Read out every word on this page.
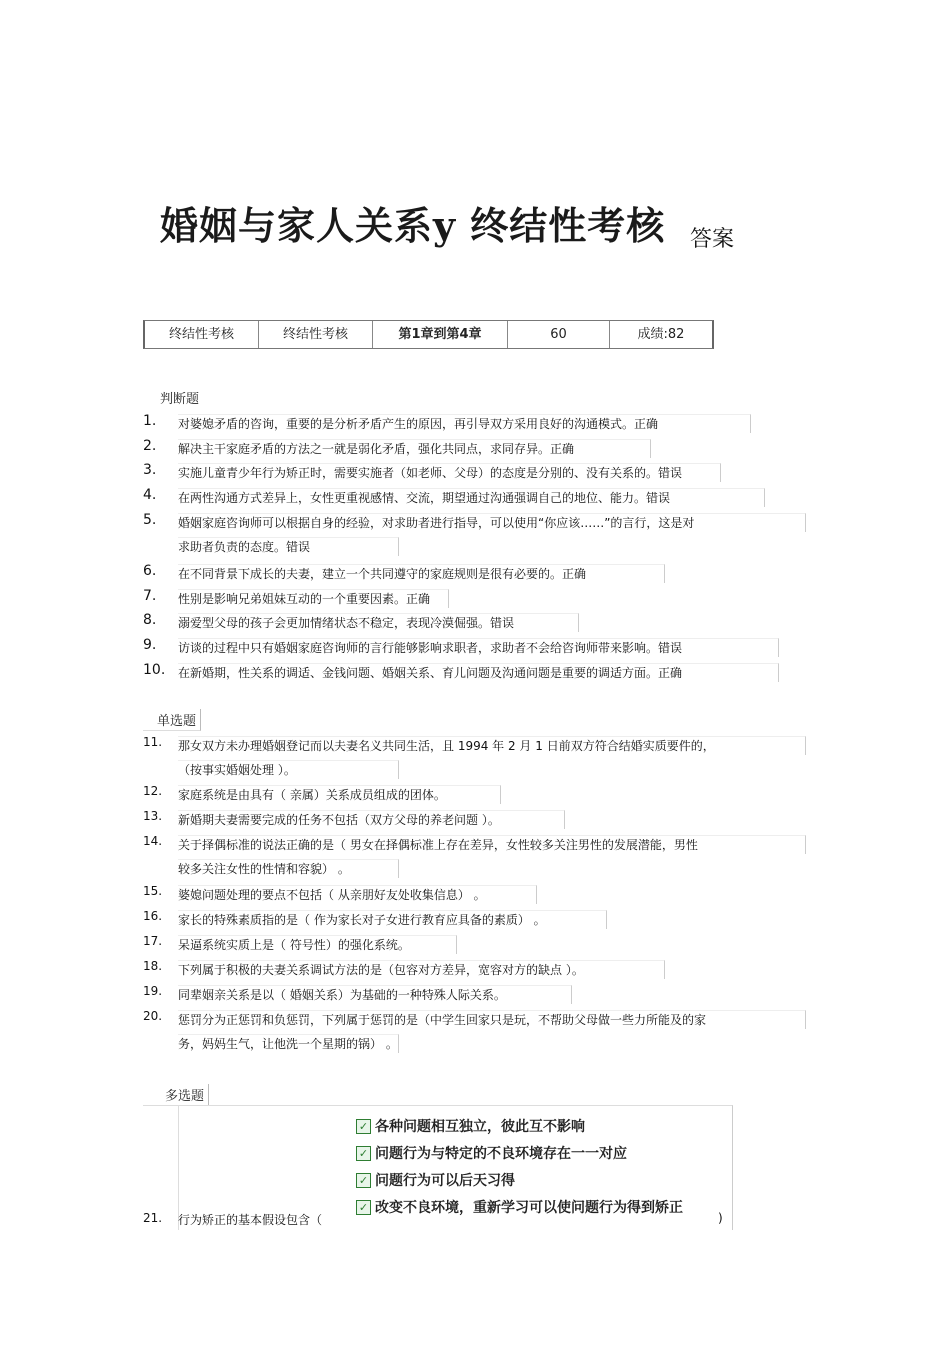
婚姻与家人关系y 终结性考核 答案
终结性考核	终结性考核	第1章到第4章	60	成绩:82
判断题
1.	对婆媳矛盾的咨询，重要的是分析矛盾产生的原因，再引导双方采用良好的沟通模式。正确
2.	解决主干家庭矛盾的方法之一就是弱化矛盾，强化共同点，求同存异。正确
3.	实施儿童青少年行为矫正时，需要实施者（如老师、父母）的态度是分别的、没有关系的。错误
4.	在两性沟通方式差异上，女性更重视感情、交流，期望通过沟通强调自己的地位、能力。错误
5.	婚姻家庭咨询师可以根据自身的经验，对求助者进行指导，可以使用“你应该……”的言行，这是对
求助者负责的态度。错误
6.	在不同背景下成长的夫妻，建立一个共同遵守的家庭规则是很有必要的。正确
7.	性别是影响兄弟姐妹互动的一个重要因素。正确
8.	溺爱型父母的孩子会更加情绪状态不稳定，表现冷漠倔强。错误
9.	访谈的过程中只有婚姻家庭咨询师的言行能够影响求职者，求助者不会给咨询师带来影响。错误
10.	在新婚期，性关系的调适、金钱问题、婚姻关系、育儿问题及沟通问题是重要的调适方面。正确
单选题
11.	那女双方未办理婚姻登记而以夫妻名义共同生活，且 1994 年 2 月 1 日前双方符合结婚实质要件的，
（按事实婚姻处理 ）。
12.	家庭系统是由具有（ 亲属）关系成员组成的团体。
13.	新婚期夫妻需要完成的任务不包括（双方父母的养老问题 ）。
14.	关于择偶标准的说法正确的是（ 男女在择偶标准上存在差异，女性较多关注男性的发展潜能，男性
较多关注女性的性情和容貌） 。
15.	婆媳问题处理的要点不包括（ 从亲朋好友处收集信息） 。
16.	家长的特殊素质指的是（ 作为家长对子女进行教育应具备的素质） 。
17.	呆逼系统实质上是（ 符号性）的强化系统。
18.	下列属于积极的夫妻关系调试方法的是（包容对方差异，宽容对方的缺点 ）。
19.	同辈姻亲关系是以（ 婚姻关系）为基础的一种特殊人际关系。
20.	惩罚分为正惩罚和负惩罚，下列属于惩罚的是（中学生回家只是玩，不帮助父母做一些力所能及的家
务，妈妈生气，让他洗一个星期的锅） 。
多选题
✓ 各种问题相互独立，彼此互不影响
✓ 问题行为与特定的不良环境存在一一对应
✓ 问题行为可以后天习得
✓ 改变不良环境，重新学习可以使问题行为得到矫正
21.	行为矫正的基本假设包含（	)
